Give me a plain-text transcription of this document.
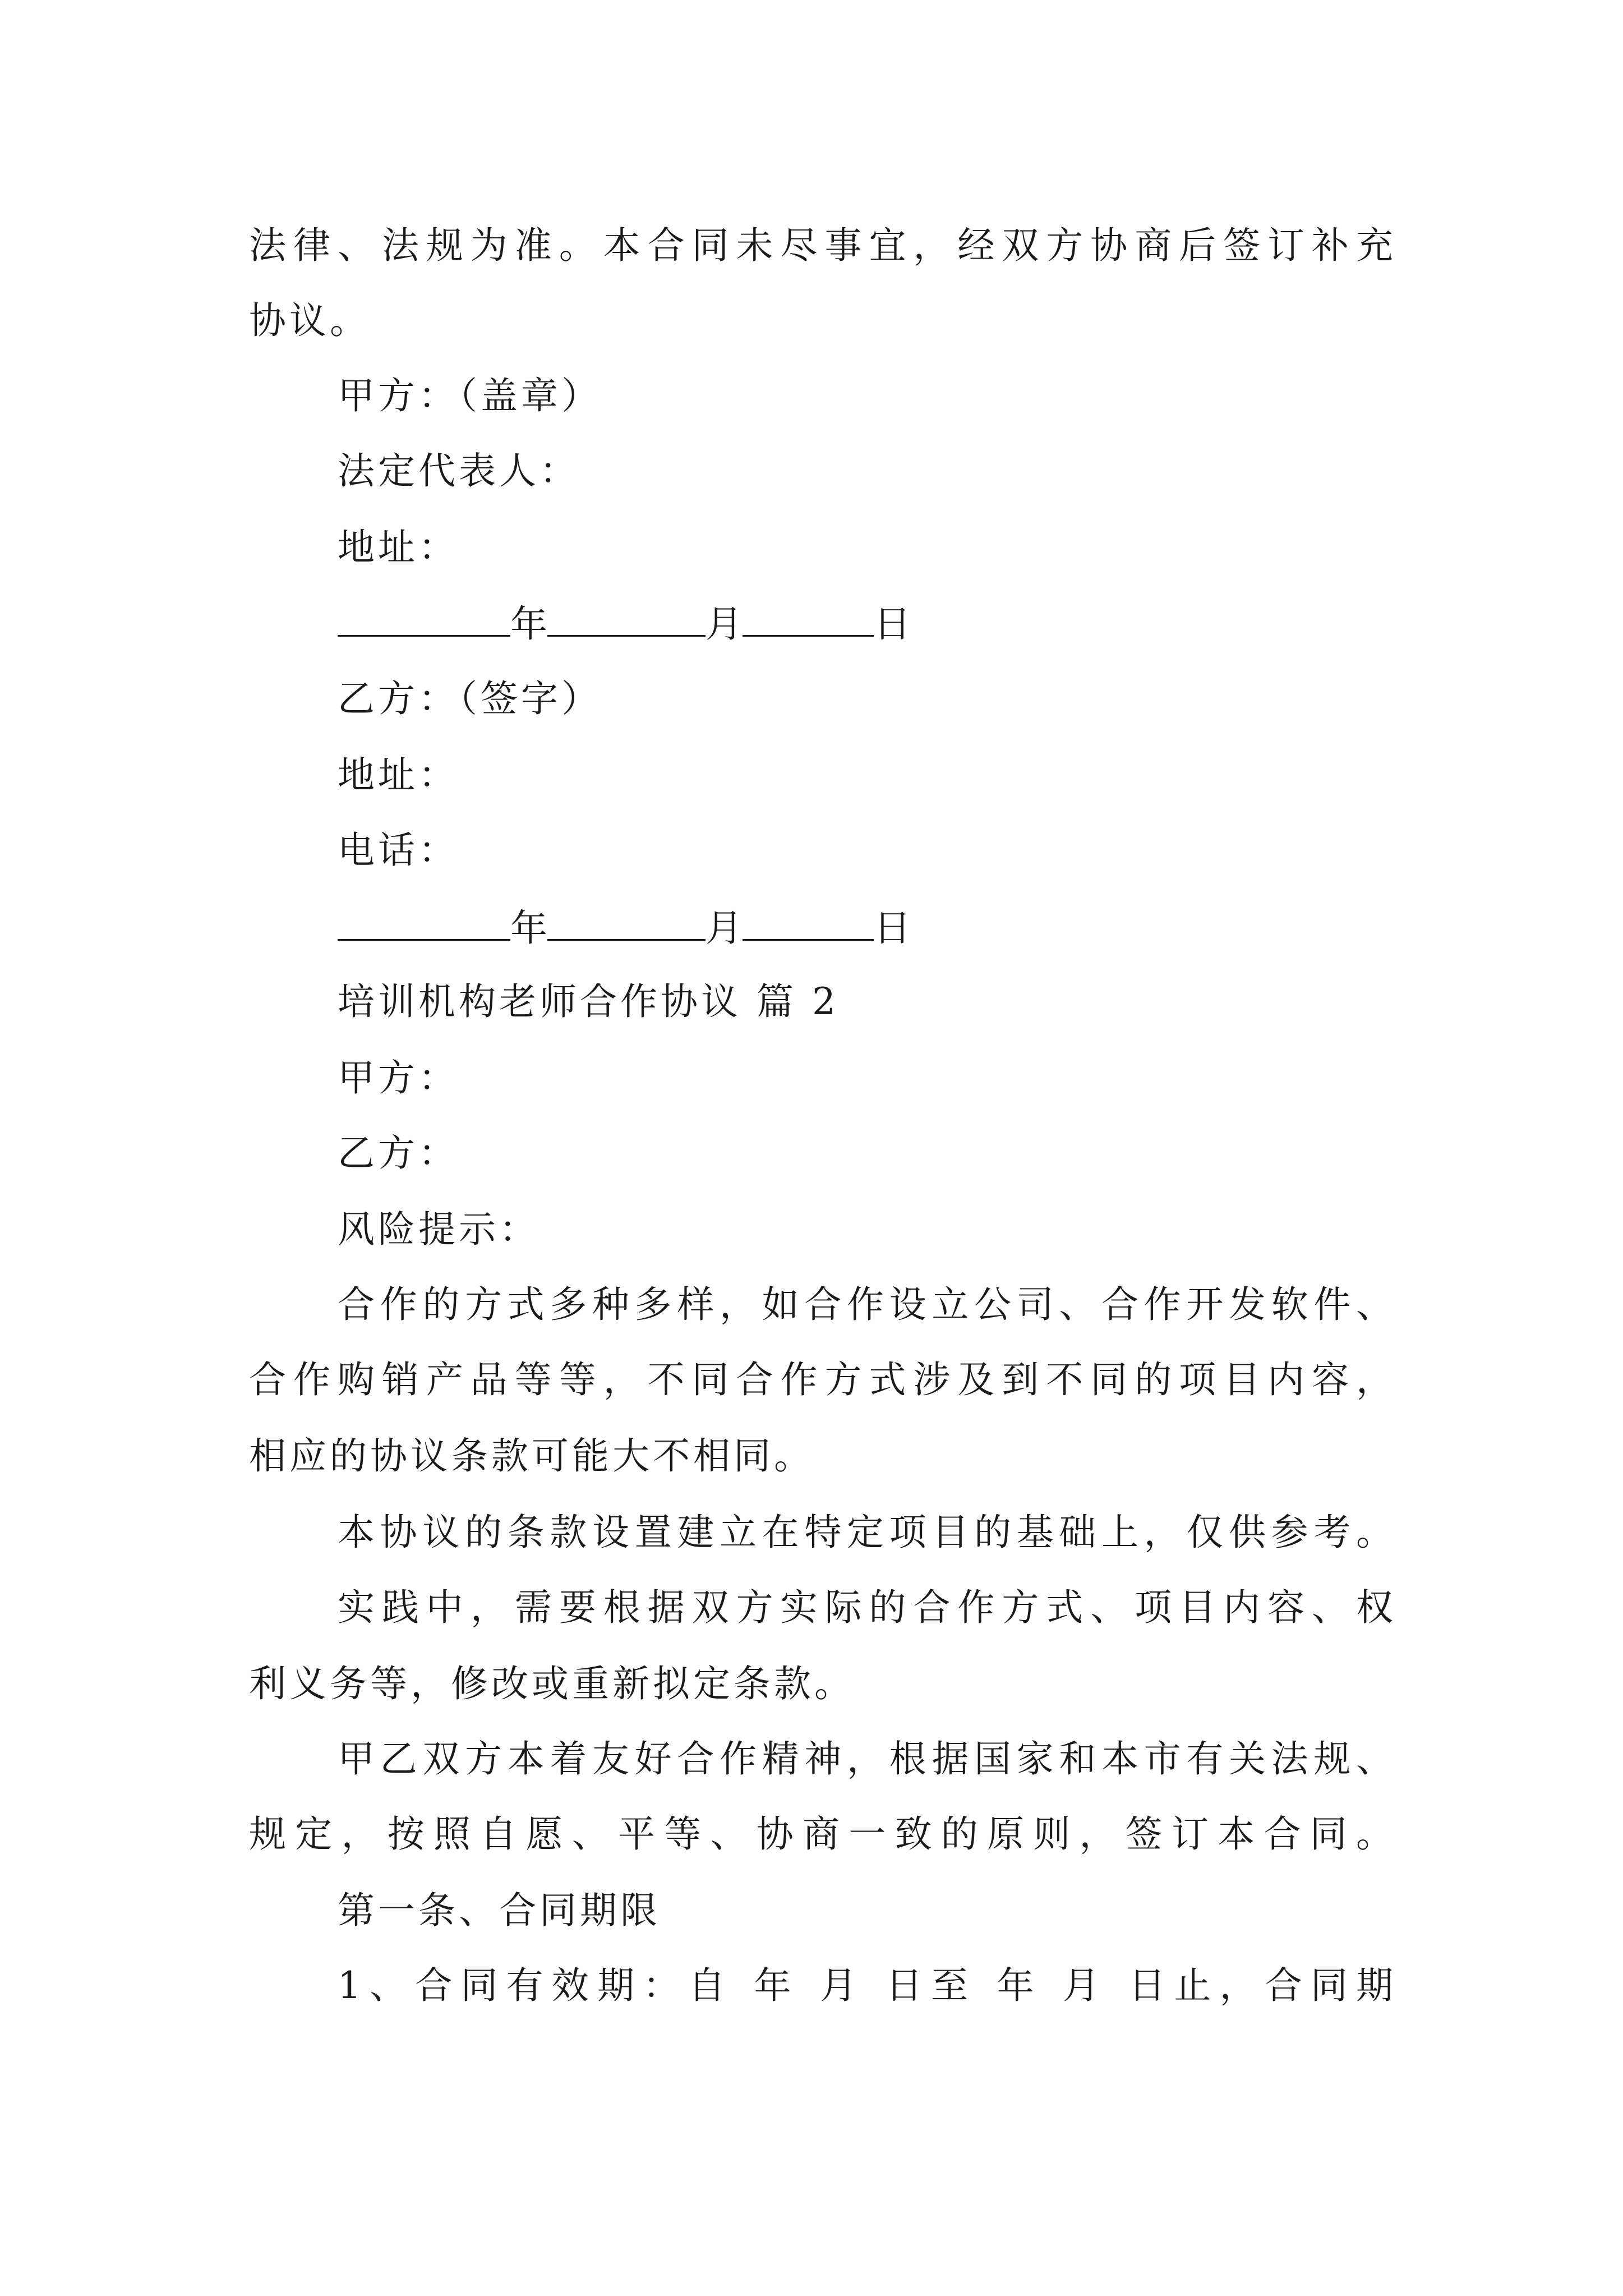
法律、法规为准。本合同未尽事宜，经双方协商后签订补充
协议。
甲方：（盖章）
法定代表人：
地址：
年	月	日
乙方：（签字）
地址：
电话：
年	月	日
培训机构老师合作协议 篇 2
甲方：
乙方：
风险提示：
合作的方式多种多样，如合作设立公司、合作开发软件、
合作购销产品等等，不同合作方式涉及到不同的项目内容，
相应的协议条款可能大不相同。
本协议的条款设置建立在特定项目的基础上，仅供参考。
实践中，需要根据双方实际的合作方式、项目内容、权
利义务等，修改或重新拟定条款。
甲乙双方本着友好合作精神，根据国家和本市有关法规、
规定，按照自愿、平等、协商一致的原则，签订本合同。
第一条、合同期限
1、合同有效期：自 年 月 日至 年 月 日止，合同期
